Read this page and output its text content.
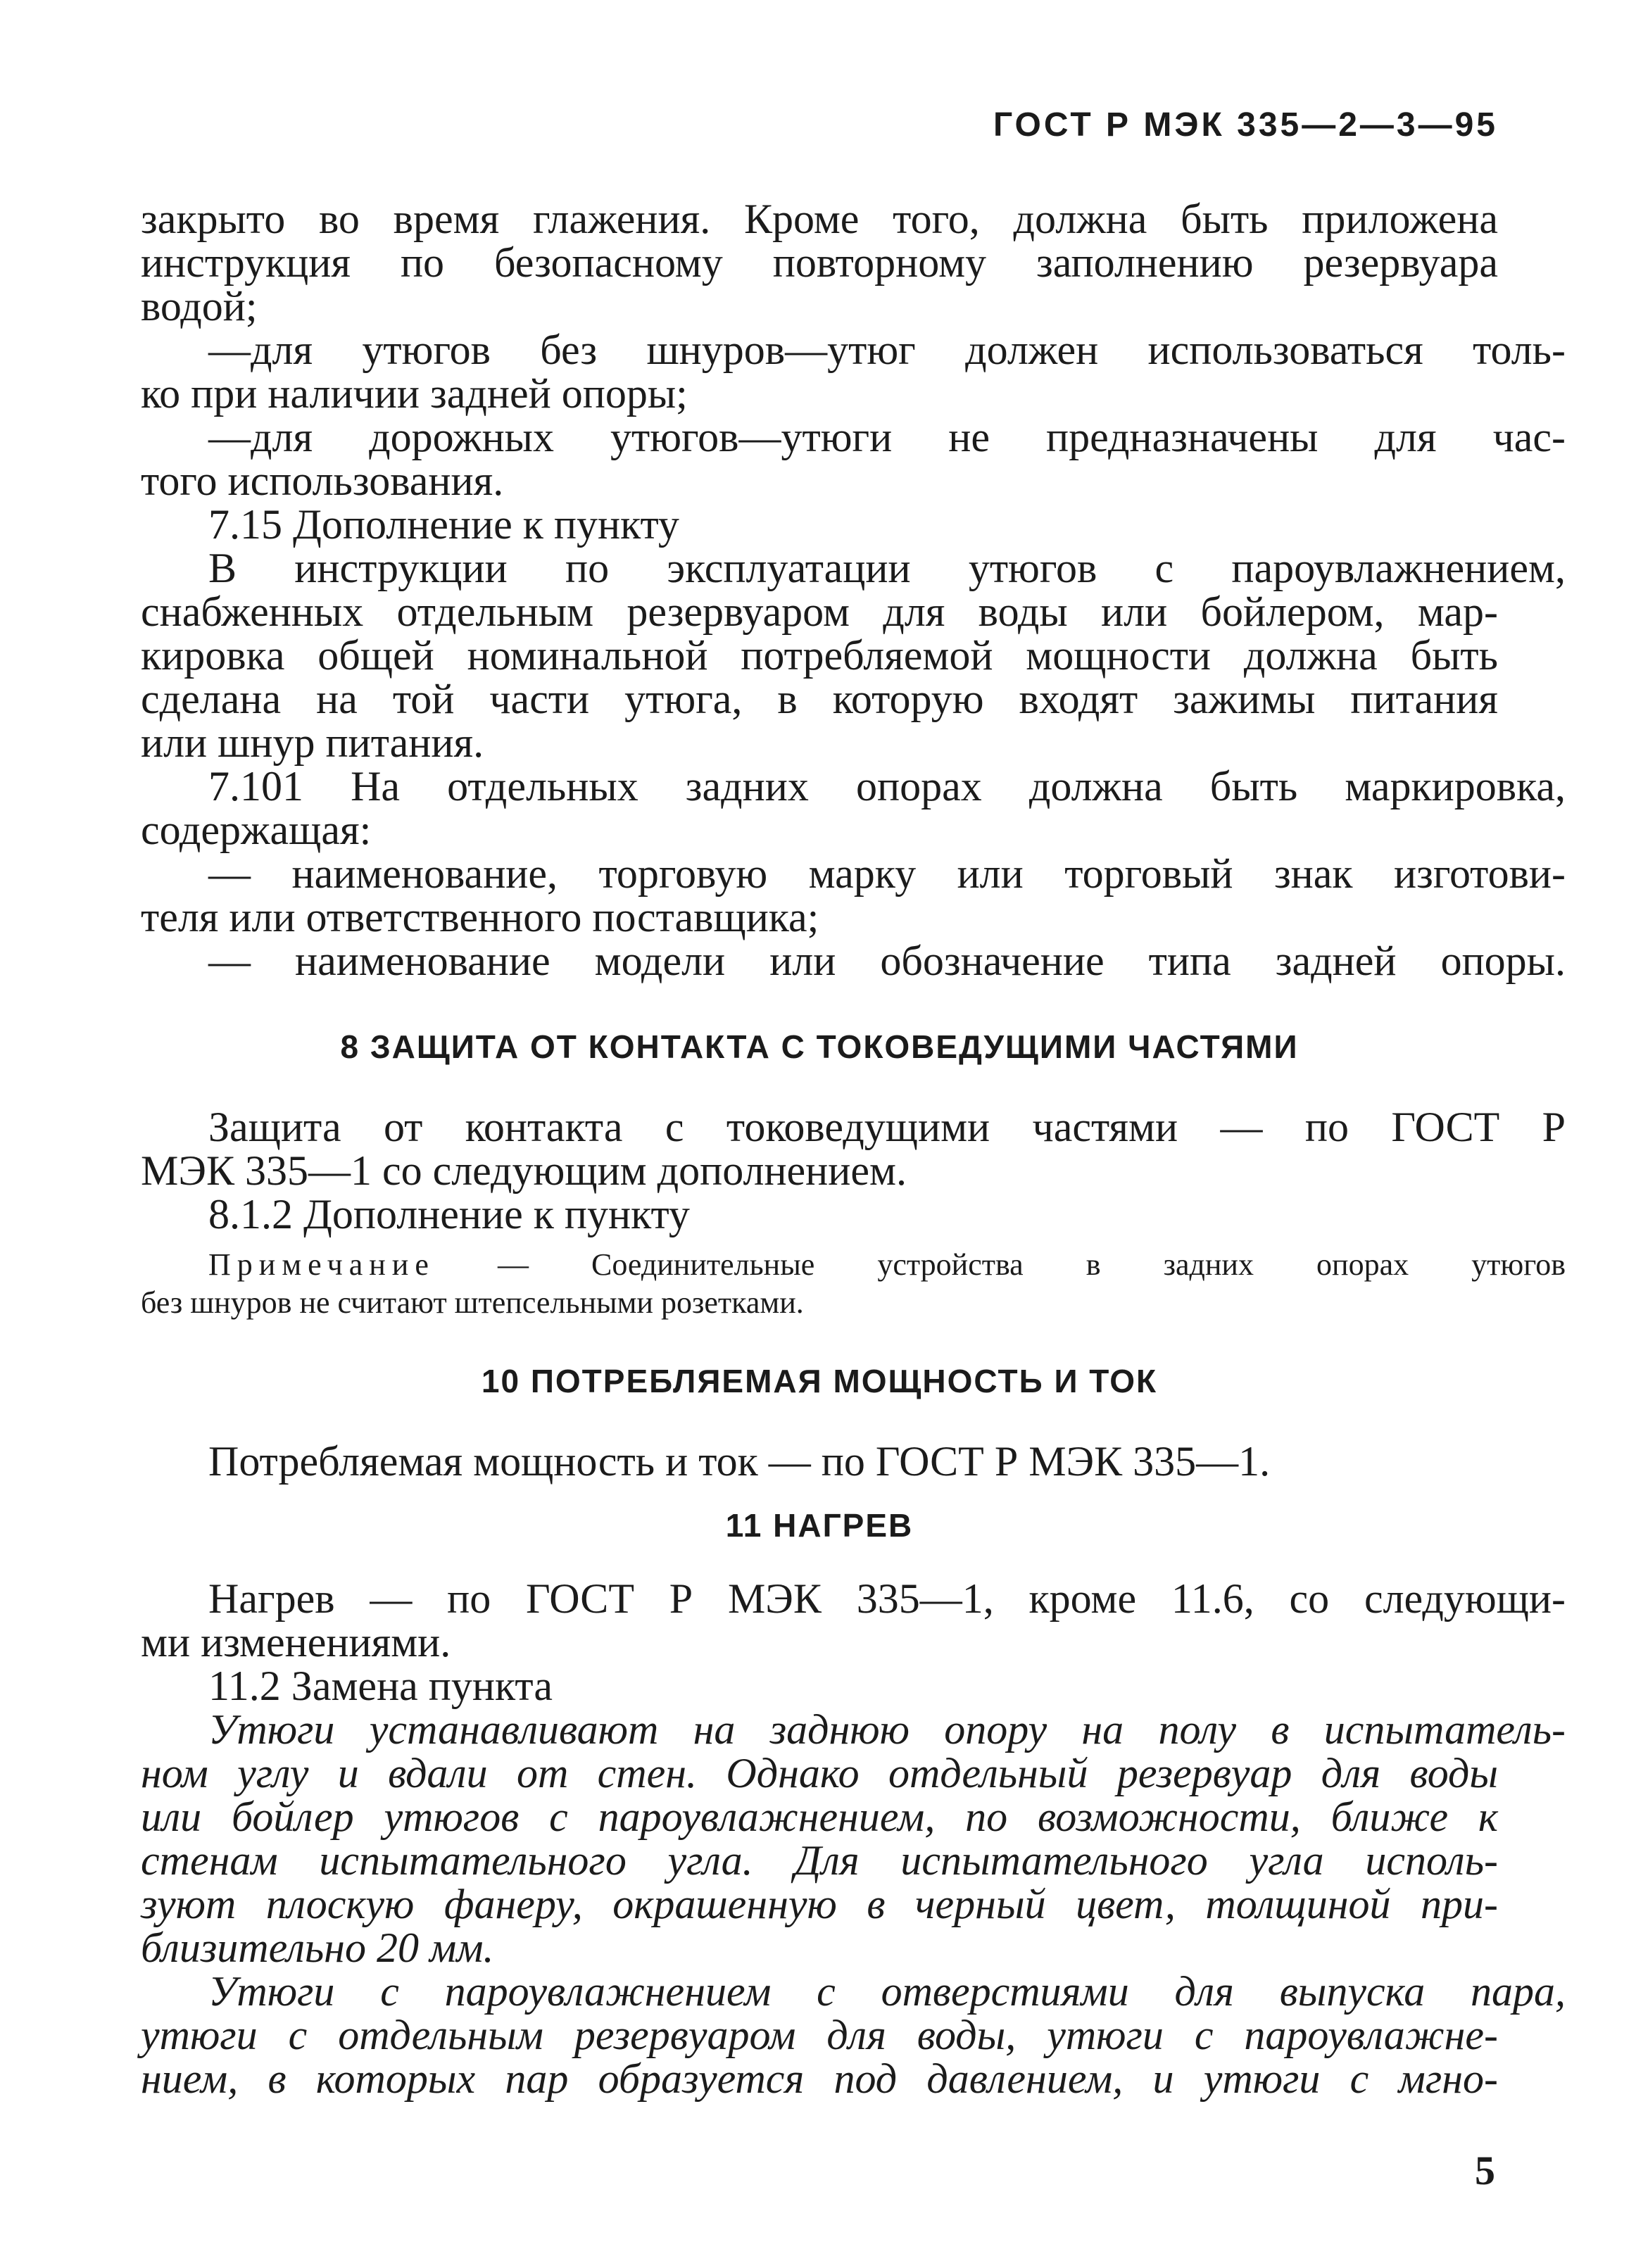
ГОСТ Р МЭК 335—2—3—95
закрыто во время глажения. Кроме того, должна быть приложена
инструкция по безопасному повторному заполнению резервуара
водой;
—для утюгов без шнуров—утюг должен использоваться толь-
ко при наличии задней опоры;
—для дорожных утюгов—утюги не предназначены для час-
того использования.
7.15 Дополнение к пункту
В инструкции по эксплуатации утюгов с пароувлажнением,
снабженных отдельным резервуаром для воды или бойлером, мар-
кировка общей номинальной потребляемой мощности должна быть
сделана на той части утюга, в которую входят зажимы питания
или шнур питания.
7.101 На отдельных задних опорах должна быть маркировка,
содержащая:
— наименование, торговую марку или торговый знак изготови-
теля или ответственного поставщика;
— наименование модели или обозначение типа задней опоры.
8 ЗАЩИТА ОТ КОНТАКТА С ТОКОВЕДУЩИМИ ЧАСТЯМИ
Защита от контакта с токоведущими частями — по ГОСТ Р
МЭК 335—1 со следующим дополнением.
8.1.2 Дополнение к пункту
Примечание — Соединительные устройства в задних опорах утюгов
без шнуров не считают штепсельными розетками.
10 ПОТРЕБЛЯЕМАЯ МОЩНОСТЬ И ТОК
Потребляемая мощность и ток — по ГОСТ Р МЭК 335—1.
11 НАГРЕВ
Нагрев — по ГОСТ Р МЭК 335—1, кроме 11.6, со следующи-
ми изменениями.
11.2 Замена пункта
Утюги устанавливают на заднюю опору на полу в испытатель-
ном углу и вдали от стен. Однако отдельный резервуар для воды
или бойлер утюгов с пароувлажнением, по возможности, ближе к
стенам испытательного угла. Для испытательного угла исполь-
зуют плоскую фанеру, окрашенную в черный цвет, толщиной при-
близительно 20 мм.
Утюги с пароувлажнением с отверстиями для выпуска пара,
утюги с отдельным резервуаром для воды, утюги с пароувлажне-
нием, в которых пар образуется под давлением, и утюги с мгно-
5
